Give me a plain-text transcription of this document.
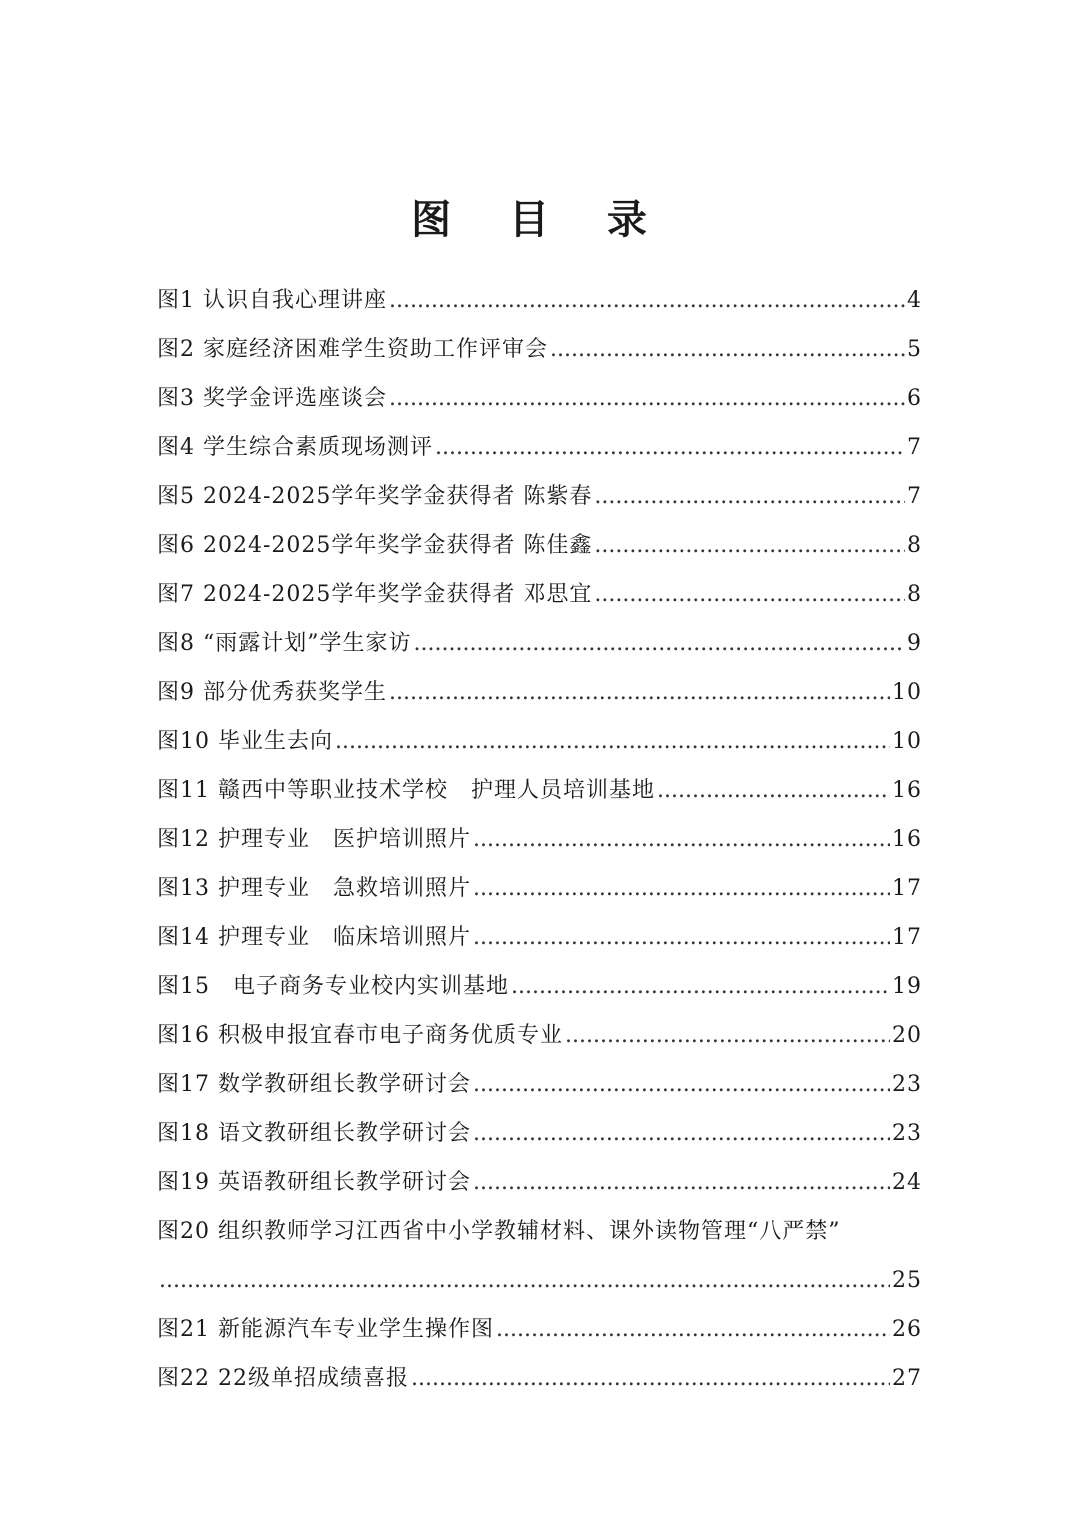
图 目 录
图1 认识自我心理讲座 .....	4
图2 家庭经济困难学生资助工作评审会 .....	5
图3 奖学金评选座谈会 .....	6
图4 学生综合素质现场测评 .....	7
图5 2024-2025学年奖学金获得者 陈紫春 .....	7
图6 2024-2025学年奖学金获得者 陈佳鑫 .....	8
图7 2024-2025学年奖学金获得者 邓思宜 .....	8
图8 “雨露计划”学生家访 .....	9
图9 部分优秀获奖学生 .....	10
图10 毕业生去向 .....	10
图11 赣西中等职业技术学校　护理人员培训基地 .....	16
图12 护理专业　医护培训照片 .....	16
图13 护理专业　急救培训照片 .....	17
图14 护理专业　临床培训照片 .....	17
图15　电子商务专业校内实训基地 .....	19
图16 积极申报宜春市电子商务优质专业 .....	20
图17 数学教研组长教学研讨会 .....	23
图18 语文教研组长教学研讨会 .....	23
图19 英语教研组长教学研讨会 .....	24
图20 组织教师学习江西省中小学教辅材料、课外读物管理“八严禁”
.....
25
图21 新能源汽车专业学生操作图 .....	26
图22 22级单招成绩喜报 .....	27
